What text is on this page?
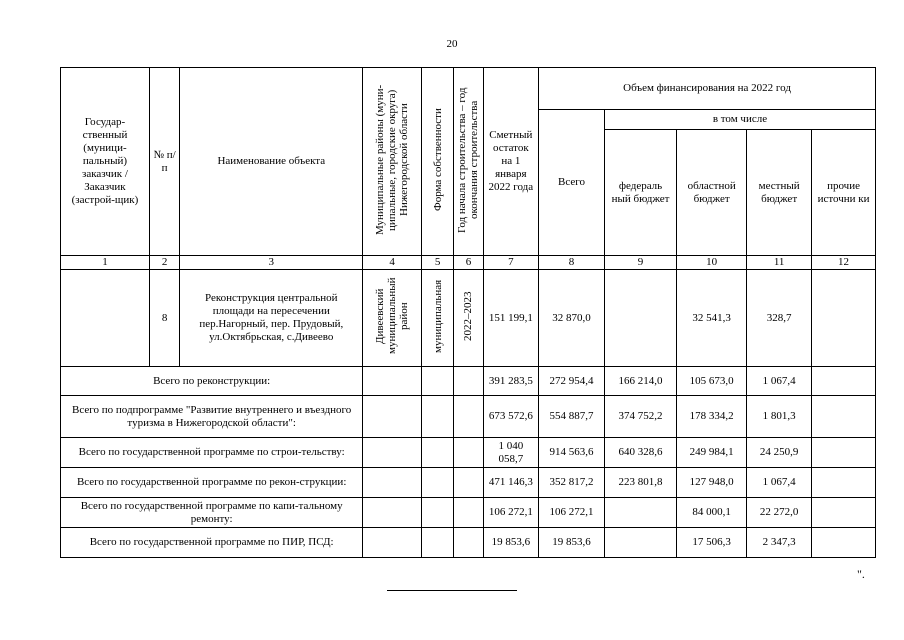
20
Государ-ственный (муници-пальный) заказчик / Заказчик (застрой-щик)	№ п/п	Наименование объекта	Муниципальные районы (муни-ципальные, городские округа) Нижегородской области	Форма собственности	Год начала строительства – год окончания строительства	Сметный остаток на 1 января 2022 года	Объем финансирования на 2022 год				
							Всего	в том числе			
								федераль ный бюджет	областной бюджет	местный бюджет	прочие источни ки
1	2	3	4	5	6	7	8	9	10	11	12
	8	Реконструкция центральной площади на пересечении пер.Нагорный, пер. Прудовый, ул.Октябрьская, с.Дивеево	Дивеевский муниципальный район	муниципальная	2022–2023	151 199,1	32 870,0		32 541,3	328,7	
Всего по реконструкции:						391 283,5	272 954,4	166 214,0	105 673,0	1 067,4	
Всего по подпрограмме "Развитие внутреннего и въездного туризма в Нижегородской области":						673 572,6	554 887,7	374 752,2	178 334,2	1 801,3	
Всего по государственной программе по строи-тельству:						1 040 058,7	914 563,6	640 328,6	249 984,1	24 250,9	
Всего по государственной программе по рекон-струкции:						471 146,3	352 817,2	223 801,8	127 948,0	1 067,4	
Всего по государственной программе по капи-тальному ремонту:						106 272,1	106 272,1		84 000,1	22 272,0	
Всего по государственной программе по ПИР, ПСД:						19 853,6	19 853,6		17 506,3	2 347,3	
".
